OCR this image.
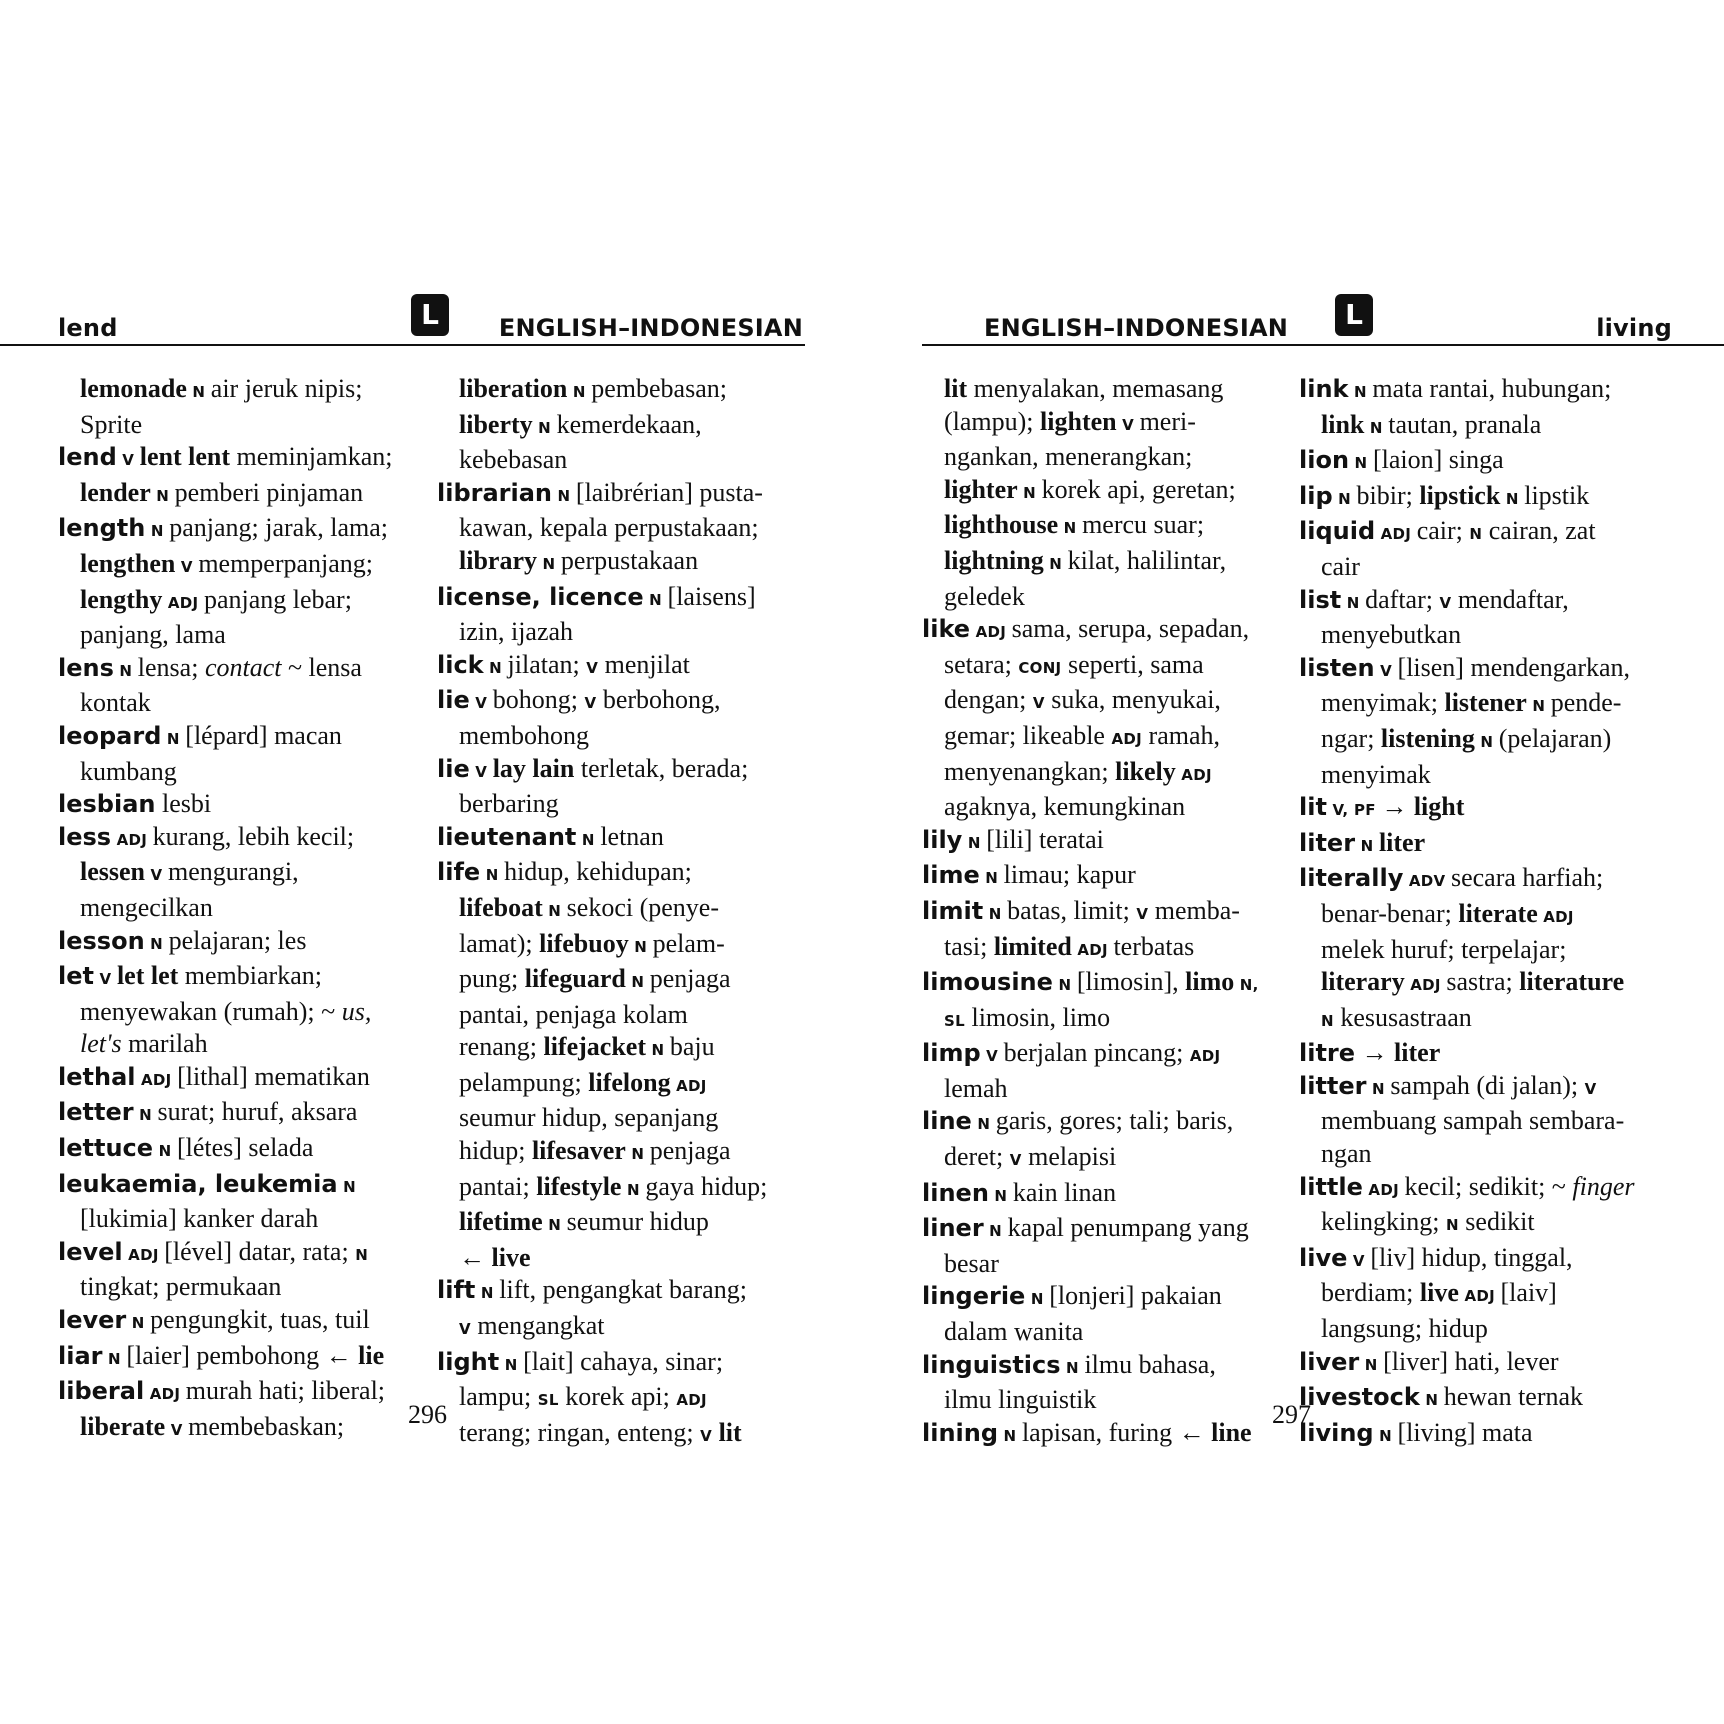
lend	L	ENGLISH–INDONESIAN
lemonade N air jeruk nipis;
Sprite
lend V lent lent meminjamkan;
lender N pemberi pinjaman
length N panjang; jarak, lama;
lengthen V memperpanjang;
lengthy ADJ panjang lebar;
panjang, lama
lens N lensa; contact ~ lensa
kontak
leopard N [lépard] macan
kumbang
lesbian lesbi
less ADJ kurang, lebih kecil;
lessen V mengurangi,
mengecilkan
lesson N pelajaran; les
let V let let membiarkan;
menyewakan (rumah); ~ us,
let's marilah
lethal ADJ [lithal] mematikan
letter N surat; huruf, aksara
lettuce N [létes] selada
leukaemia, leukemia N
[lukimia] kanker darah
level ADJ [lével] datar, rata; N
tingkat; permukaan
lever N pengungkit, tuas, tuil
liar N [laier] pembohong ← lie
liberal ADJ murah hati; liberal;
liberate V membebaskan;
liberation N pembebasan;
liberty N kemerdekaan,
kebebasan
librarian N [laibrérian] pusta-
kawan, kepala perpustakaan;
library N perpustakaan
license, licence N [laisens]
izin, ijazah
lick N jilatan; V menjilat
lie V bohong; V berbohong,
membohong
lie V lay lain terletak, berada;
berbaring
lieutenant N letnan
life N hidup, kehidupan;
lifeboat N sekoci (penye-
lamat); lifebuoy N pelam-
pung; lifeguard N penjaga
pantai, penjaga kolam
renang; lifejacket N baju
pelampung; lifelong ADJ
seumur hidup, sepanjang
hidup; lifesaver N penjaga
pantai; lifestyle N gaya hidup;
lifetime N seumur hidup
← live
lift N lift, pengangkat barang;
V mengangkat
light N [lait] cahaya, sinar;
lampu; SL korek api; ADJ
terang; ringan, enteng; V lit
296
ENGLISH–INDONESIAN	L	living
lit menyalakan, memasang
(lampu); lighten V meri-
ngankan, menerangkan;
lighter N korek api, geretan;
lighthouse N mercu suar;
lightning N kilat, halilintar,
geledek
like ADJ sama, serupa, sepadan,
setara; CONJ seperti, sama
dengan; V suka, menyukai,
gemar; likeable ADJ ramah,
menyenangkan; likely ADJ
agaknya, kemungkinan
lily N [lili] teratai
lime N limau; kapur
limit N batas, limit; V memba-
tasi; limited ADJ terbatas
limousine N [limosin], limo N,
SL limosin, limo
limp V berjalan pincang; ADJ
lemah
line N garis, gores; tali; baris,
deret; V melapisi
linen N kain linan
liner N kapal penumpang yang
besar
lingerie N [lonjeri] pakaian
dalam wanita
linguistics N ilmu bahasa,
ilmu linguistik
lining N lapisan, furing ← line
link N mata rantai, hubungan;
link N tautan, pranala
lion N [laion] singa
lip N bibir; lipstick N lipstik
liquid ADJ cair; N cairan, zat
cair
list N daftar; V mendaftar,
menyebutkan
listen V [lisen] mendengarkan,
menyimak; listener N pende-
ngar; listening N (pelajaran)
menyimak
lit V, PF → light
liter N liter
literally ADV secara harfiah;
benar-benar; literate ADJ
melek huruf; terpelajar;
literary ADJ sastra; literature
N kesusastraan
litre → liter
litter N sampah (di jalan); V
membuang sampah sembara-
ngan
little ADJ kecil; sedikit; ~ finger
kelingking; N sedikit
live V [liv] hidup, tinggal,
berdiam; live ADJ [laiv]
langsung; hidup
liver N [liver] hati, lever
livestock N hewan ternak
living N [living] mata
297
